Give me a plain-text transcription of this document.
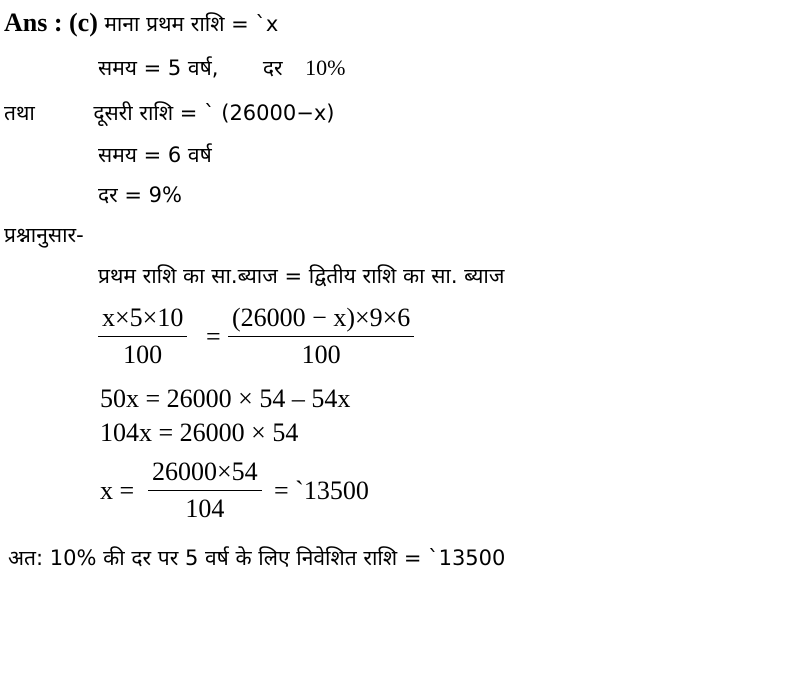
Ans : (c) माना प्रथम राशि = `x
समय = 5 वर्ष, दर 10%
तथा	दूसरी राशि = ` (26000−x)
समय = 6 वर्ष
दर = 9%
प्रश्नानुसार-
प्रथम राशि का सा.ब्याज = द्वितीय राशि का सा. ब्याज
$\frac{x\times 5\times 10}{100} = \frac{(26000 - x)\times 9\times 6}{100}$
50x = 26000 × 54 – 54x
104x = 26000 × 54
$x = \frac{26000\times 54}{104}$ = `13500
अत: 10% की दर पर 5 वर्ष के लिए निवेशित राशि = `13500
